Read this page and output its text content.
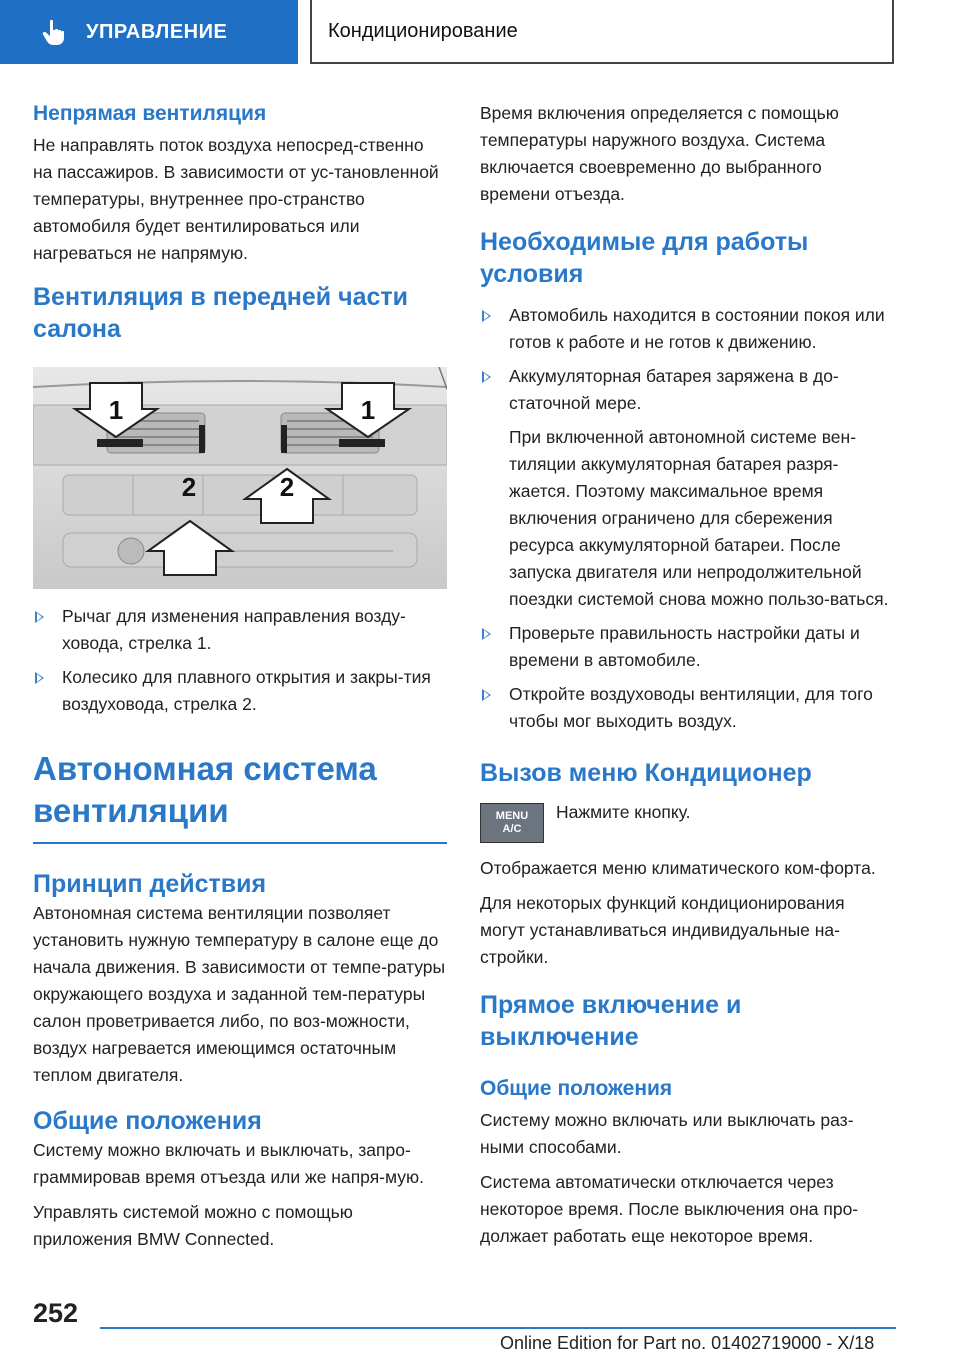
УПРАВЛЕНИЕ	Кондиционирование
Непрямая вентиляция

Не направлять поток воздуха непосред-ственно на пассажиров. В зависимости от ус-тановленной температуры, внутреннее про-странство автомобиля будет вентилироваться или нагреваться не напрямую.

Вентиляция в передней части салона
1	1
2	2
Рычаг для изменения направления возду-ховода, стрелка 1.
Колесико для плавного открытия и закры-тия воздуховода, стрелка 2.
Автономная система вентиляции
Принцип действия

Автономная система вентиляции позволяет установить нужную температуру в салоне еще до начала движения. В зависимости от темпе-ратуры окружающего воздуха и заданной тем-пературы салон проветривается либо, по воз-можности, воздух нагревается имеющимся остаточным теплом двигателя.

Общие положения

Систему можно включать и выключать, запро-граммировав время отъезда или же напря-мую.

Управлять системой можно с помощью приложения BMW Connected.

Время включения определяется с помощью температуры наружного воздуха. Система включается своевременно до выбранного времени отъезда.

Необходимые для работы условия
Автомобиль находится в состоянии покоя или готов к работе и не готов к движению.
Аккумуляторная батарея заряжена в до-статочной мере.
При включенной автономной системе вен-тиляции аккумуляторная батарея разря-жается. Поэтому максимальное время включения ограничено для сбережения ресурса аккумуляторной батареи. После запуска двигателя или непродолжительной поездки системой снова можно пользо-ваться.
Проверьте правильность настройки даты и времени в автомобиле.
Откройте воздуховоды вентиляции, для того чтобы мог выходить воздух.
Вызов меню Кондиционер
MENU
A/C
Нажмите кнопку.

Отображается меню климатического ком-форта.

Для некоторых функций кондиционирования могут устанавливаться индивидуальные на-стройки.

Прямое включение и выключение
Общие положения

Систему можно включать или выключать раз-ными способами.

Система автоматически отключается через некоторое время. После выключения она про-должает работать еще некоторое время.

252
Online Edition for Part no. 01402719000 - X/18
